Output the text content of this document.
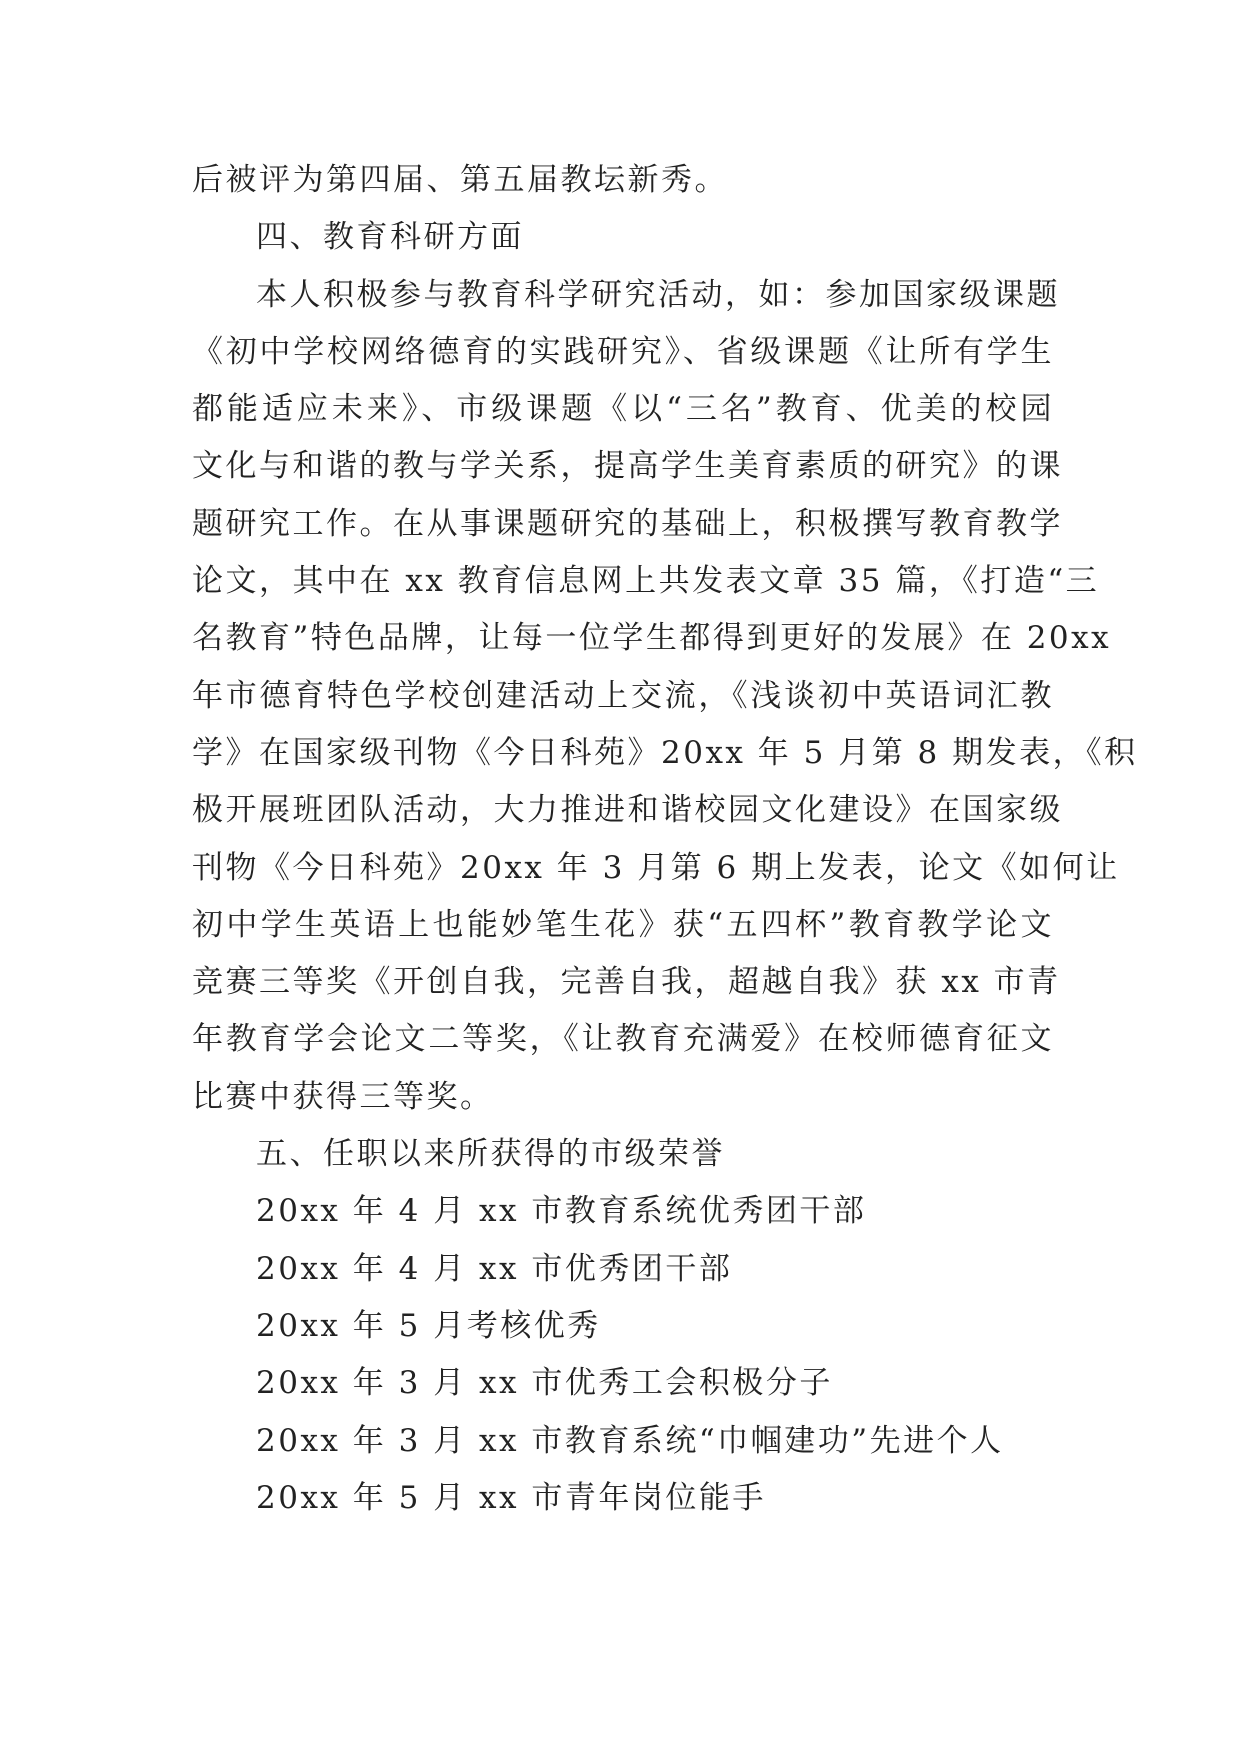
后被评为第四届、第五届教坛新秀。
四、教育科研方面
本人积极参与教育科学研究活动，如：参加国家级课题
《初中学校网络德育的实践研究》、省级课题《让所有学生
都能适应未来》、市级课题《以“三名”教育、优美的校园
文化与和谐的教与学关系，提高学生美育素质的研究》的课
题研究工作。在从事课题研究的基础上，积极撰写教育教学
论文，其中在 xx 教育信息网上共发表文章 35 篇，《打造“三
名教育”特色品牌，让每一位学生都得到更好的发展》在 20xx
年市德育特色学校创建活动上交流，《浅谈初中英语词汇教
学》在国家级刊物《今日科苑》20xx 年 5 月第 8 期发表，《积
极开展班团队活动，大力推进和谐校园文化建设》在国家级
刊物《今日科苑》20xx 年 3 月第 6 期上发表，论文《如何让
初中学生英语上也能妙笔生花》获“五四杯”教育教学论文
竞赛三等奖《开创自我，完善自我，超越自我》获 xx 市青
年教育学会论文二等奖，《让教育充满爱》在校师德育征文
比赛中获得三等奖。
五、任职以来所获得的市级荣誉
20xx 年 4 月 xx 市教育系统优秀团干部
20xx 年 4 月 xx 市优秀团干部
20xx 年 5 月考核优秀
20xx 年 3 月 xx 市优秀工会积极分子
20xx 年 3 月 xx 市教育系统“巾帼建功”先进个人
20xx 年 5 月 xx 市青年岗位能手
